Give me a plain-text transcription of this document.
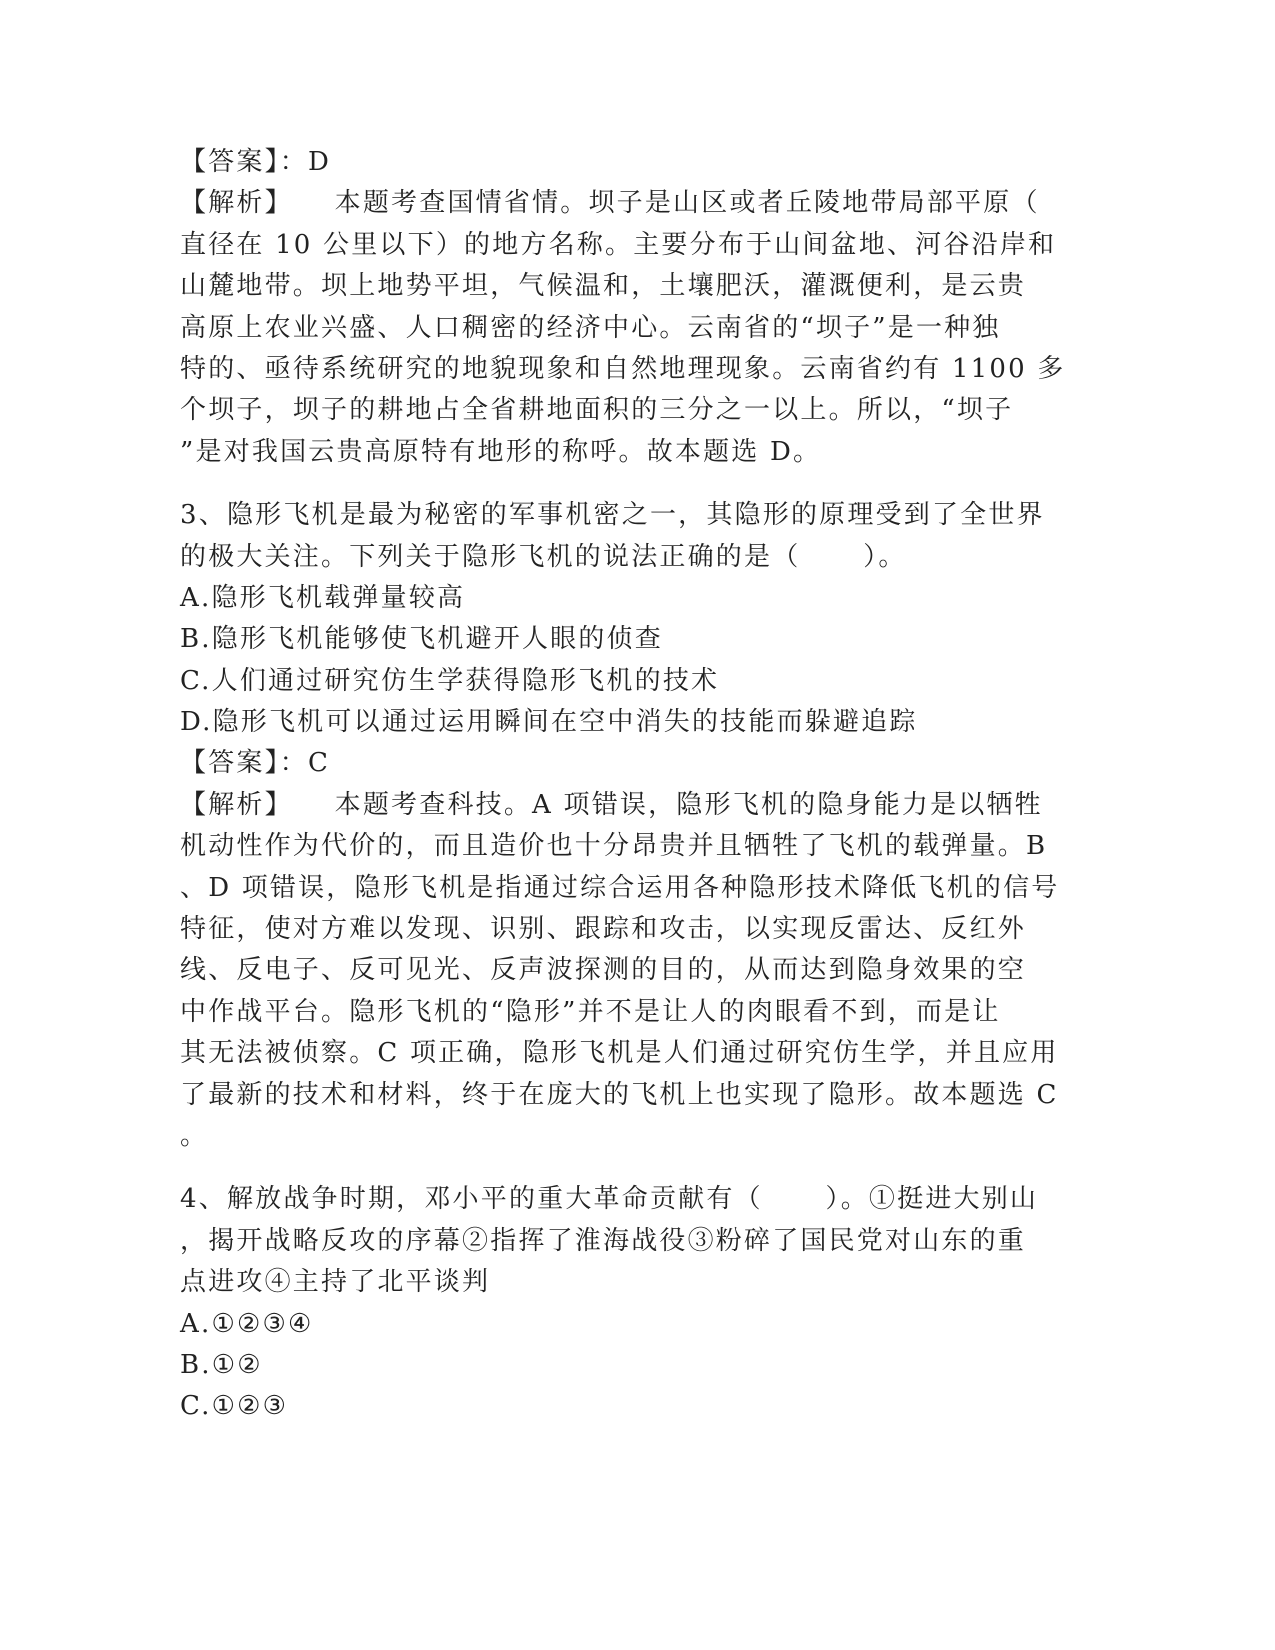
【答案】：D
【解析】    本题考查国情省情。坝子是山区或者丘陵地带局部平原（
直径在 10 公里以下）的地方名称。主要分布于山间盆地、河谷沿岸和
山麓地带。坝上地势平坦，气候温和，土壤肥沃，灌溉便利，是云贵
高原上农业兴盛、人口稠密的经济中心。云南省的“坝子”是一种独
特的、亟待系统研究的地貌现象和自然地理现象。云南省约有 1100 多
个坝子，坝子的耕地占全省耕地面积的三分之一以上。所以，“坝子
”是对我国云贵高原特有地形的称呼。故本题选 D。
3、隐形飞机是最为秘密的军事机密之一，其隐形的原理受到了全世界
的极大关注。下列关于隐形飞机的说法正确的是（      ）。
A.隐形飞机载弹量较高
B.隐形飞机能够使飞机避开人眼的侦查
C.人们通过研究仿生学获得隐形飞机的技术
D.隐形飞机可以通过运用瞬间在空中消失的技能而躲避追踪
【答案】：C
【解析】    本题考查科技。A 项错误，隐形飞机的隐身能力是以牺牲
机动性作为代价的，而且造价也十分昂贵并且牺牲了飞机的载弹量。B
、D 项错误，隐形飞机是指通过综合运用各种隐形技术降低飞机的信号
特征，使对方难以发现、识别、跟踪和攻击，以实现反雷达、反红外
线、反电子、反可见光、反声波探测的目的，从而达到隐身效果的空
中作战平台。隐形飞机的“隐形”并不是让人的肉眼看不到，而是让
其无法被侦察。C 项正确，隐形飞机是人们通过研究仿生学，并且应用
了最新的技术和材料，终于在庞大的飞机上也实现了隐形。故本题选 C
。
4、解放战争时期，邓小平的重大革命贡献有（      ）。①挺进大别山
，揭开战略反攻的序幕②指挥了淮海战役③粉碎了国民党对山东的重
点进攻④主持了北平谈判
A.①②③④
B.①②
C.①②③
